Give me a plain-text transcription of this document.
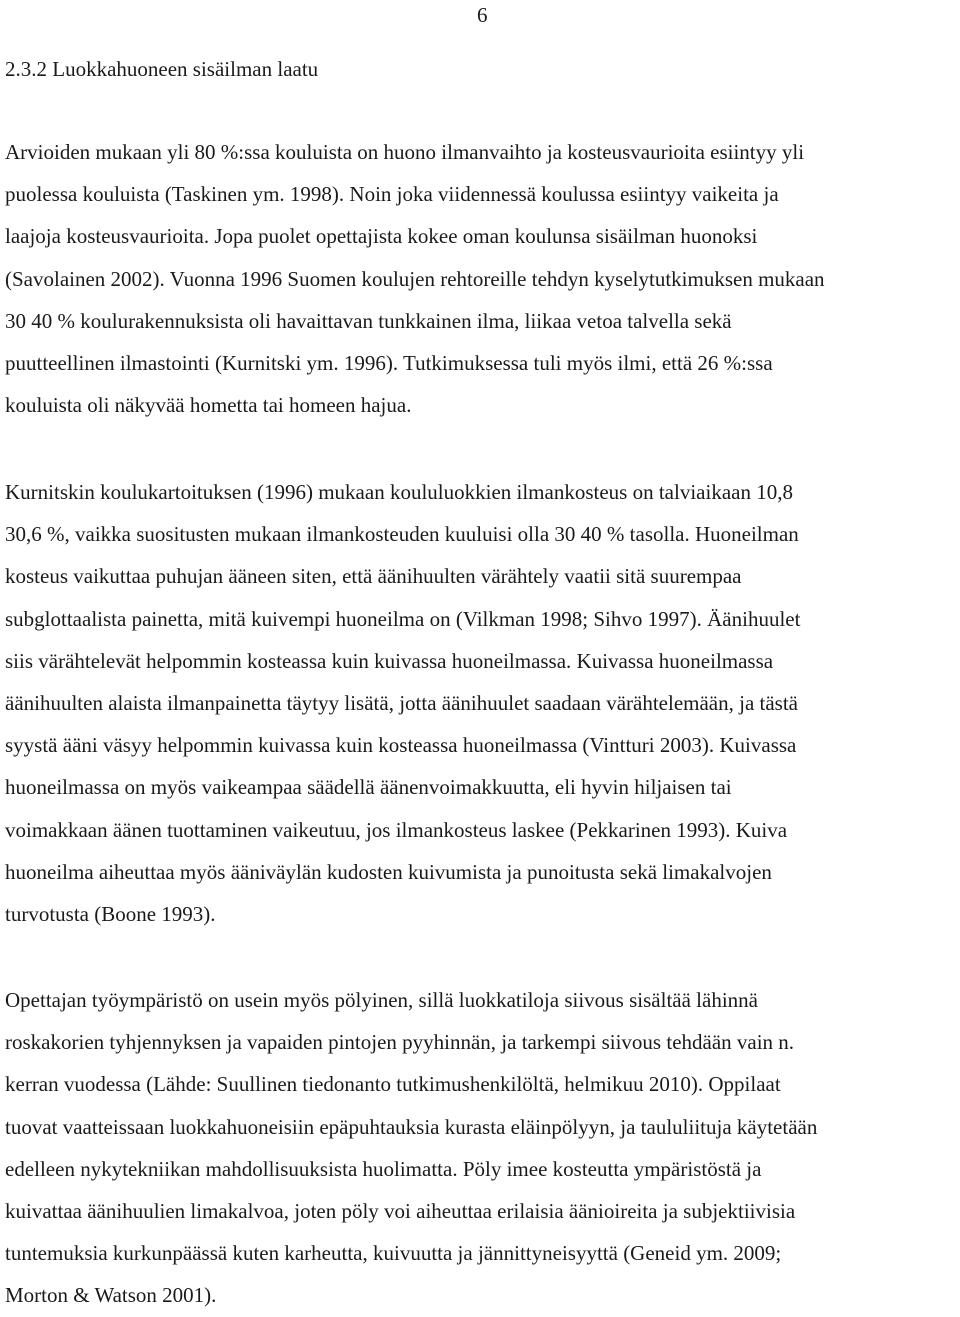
6
2.3.2 Luokkahuoneen sisäilman laatu
Arvioiden mukaan yli 80 %:ssa kouluista on huono ilmanvaihto ja kosteusvaurioita esiintyy yli
puolessa kouluista (Taskinen ym. 1998). Noin joka viidennessä koulussa esiintyy vaikeita ja
laajoja kosteusvaurioita. Jopa puolet opettajista kokee oman koulunsa sisäilman huonoksi
(Savolainen 2002). Vuonna 1996 Suomen koulujen rehtoreille tehdyn kyselytutkimuksen mukaan
30 40 % koulurakennuksista oli havaittavan tunkkainen ilma, liikaa vetoa talvella sekä
puutteellinen ilmastointi (Kurnitski ym. 1996). Tutkimuksessa tuli myös ilmi, että 26 %:ssa
kouluista oli näkyvää hometta tai homeen hajua.
Kurnitskin koulukartoituksen (1996) mukaan koululuokkien ilmankosteus on talviaikaan 10,8
30,6 %, vaikka suositusten mukaan ilmankosteuden kuuluisi olla 30 40 % tasolla. Huoneilman
kosteus vaikuttaa puhujan ääneen siten, että äänihuulten värähtely vaatii sitä suurempaa
subglottaalista painetta, mitä kuivempi huoneilma on (Vilkman 1998; Sihvo 1997). Äänihuulet
siis värähtelevät helpommin kosteassa kuin kuivassa huoneilmassa. Kuivassa huoneilmassa
äänihuulten alaista ilmanpainetta täytyy lisätä, jotta äänihuulet saadaan värähtelemään, ja tästä
syystä ääni väsyy helpommin kuivassa kuin kosteassa huoneilmassa (Vintturi 2003). Kuivassa
huoneilmassa on myös vaikeampaa säädellä äänenvoimakkuutta, eli hyvin hiljaisen tai
voimakkaan äänen tuottaminen vaikeutuu, jos ilmankosteus laskee (Pekkarinen 1993). Kuiva
huoneilma aiheuttaa myös ääniväylän kudosten kuivumista ja punoitusta sekä limakalvojen
turvotusta (Boone 1993).
Opettajan työympäristö on usein myös pölyinen, sillä luokkatiloja siivous sisältää lähinnä
roskakorien tyhjennyksen ja vapaiden pintojen pyyhinnän, ja tarkempi siivous tehdään vain n.
kerran vuodessa (Lähde: Suullinen tiedonanto tutkimushenkilöltä, helmikuu 2010). Oppilaat
tuovat vaatteissaan luokkahuoneisiin epäpuhtauksia kurasta eläinpölyyn, ja taululiituja käytetään
edelleen nykytekniikan mahdollisuuksista huolimatta. Pöly imee kosteutta ympäristöstä ja
kuivattaa äänihuulien limakalvoa, joten pöly voi aiheuttaa erilaisia äänioireita ja subjektiivisia
tuntemuksia kurkunpäässä kuten karheutta, kuivuutta ja jännittyneisyyttä (Geneid ym. 2009;
Morton & Watson 2001).
